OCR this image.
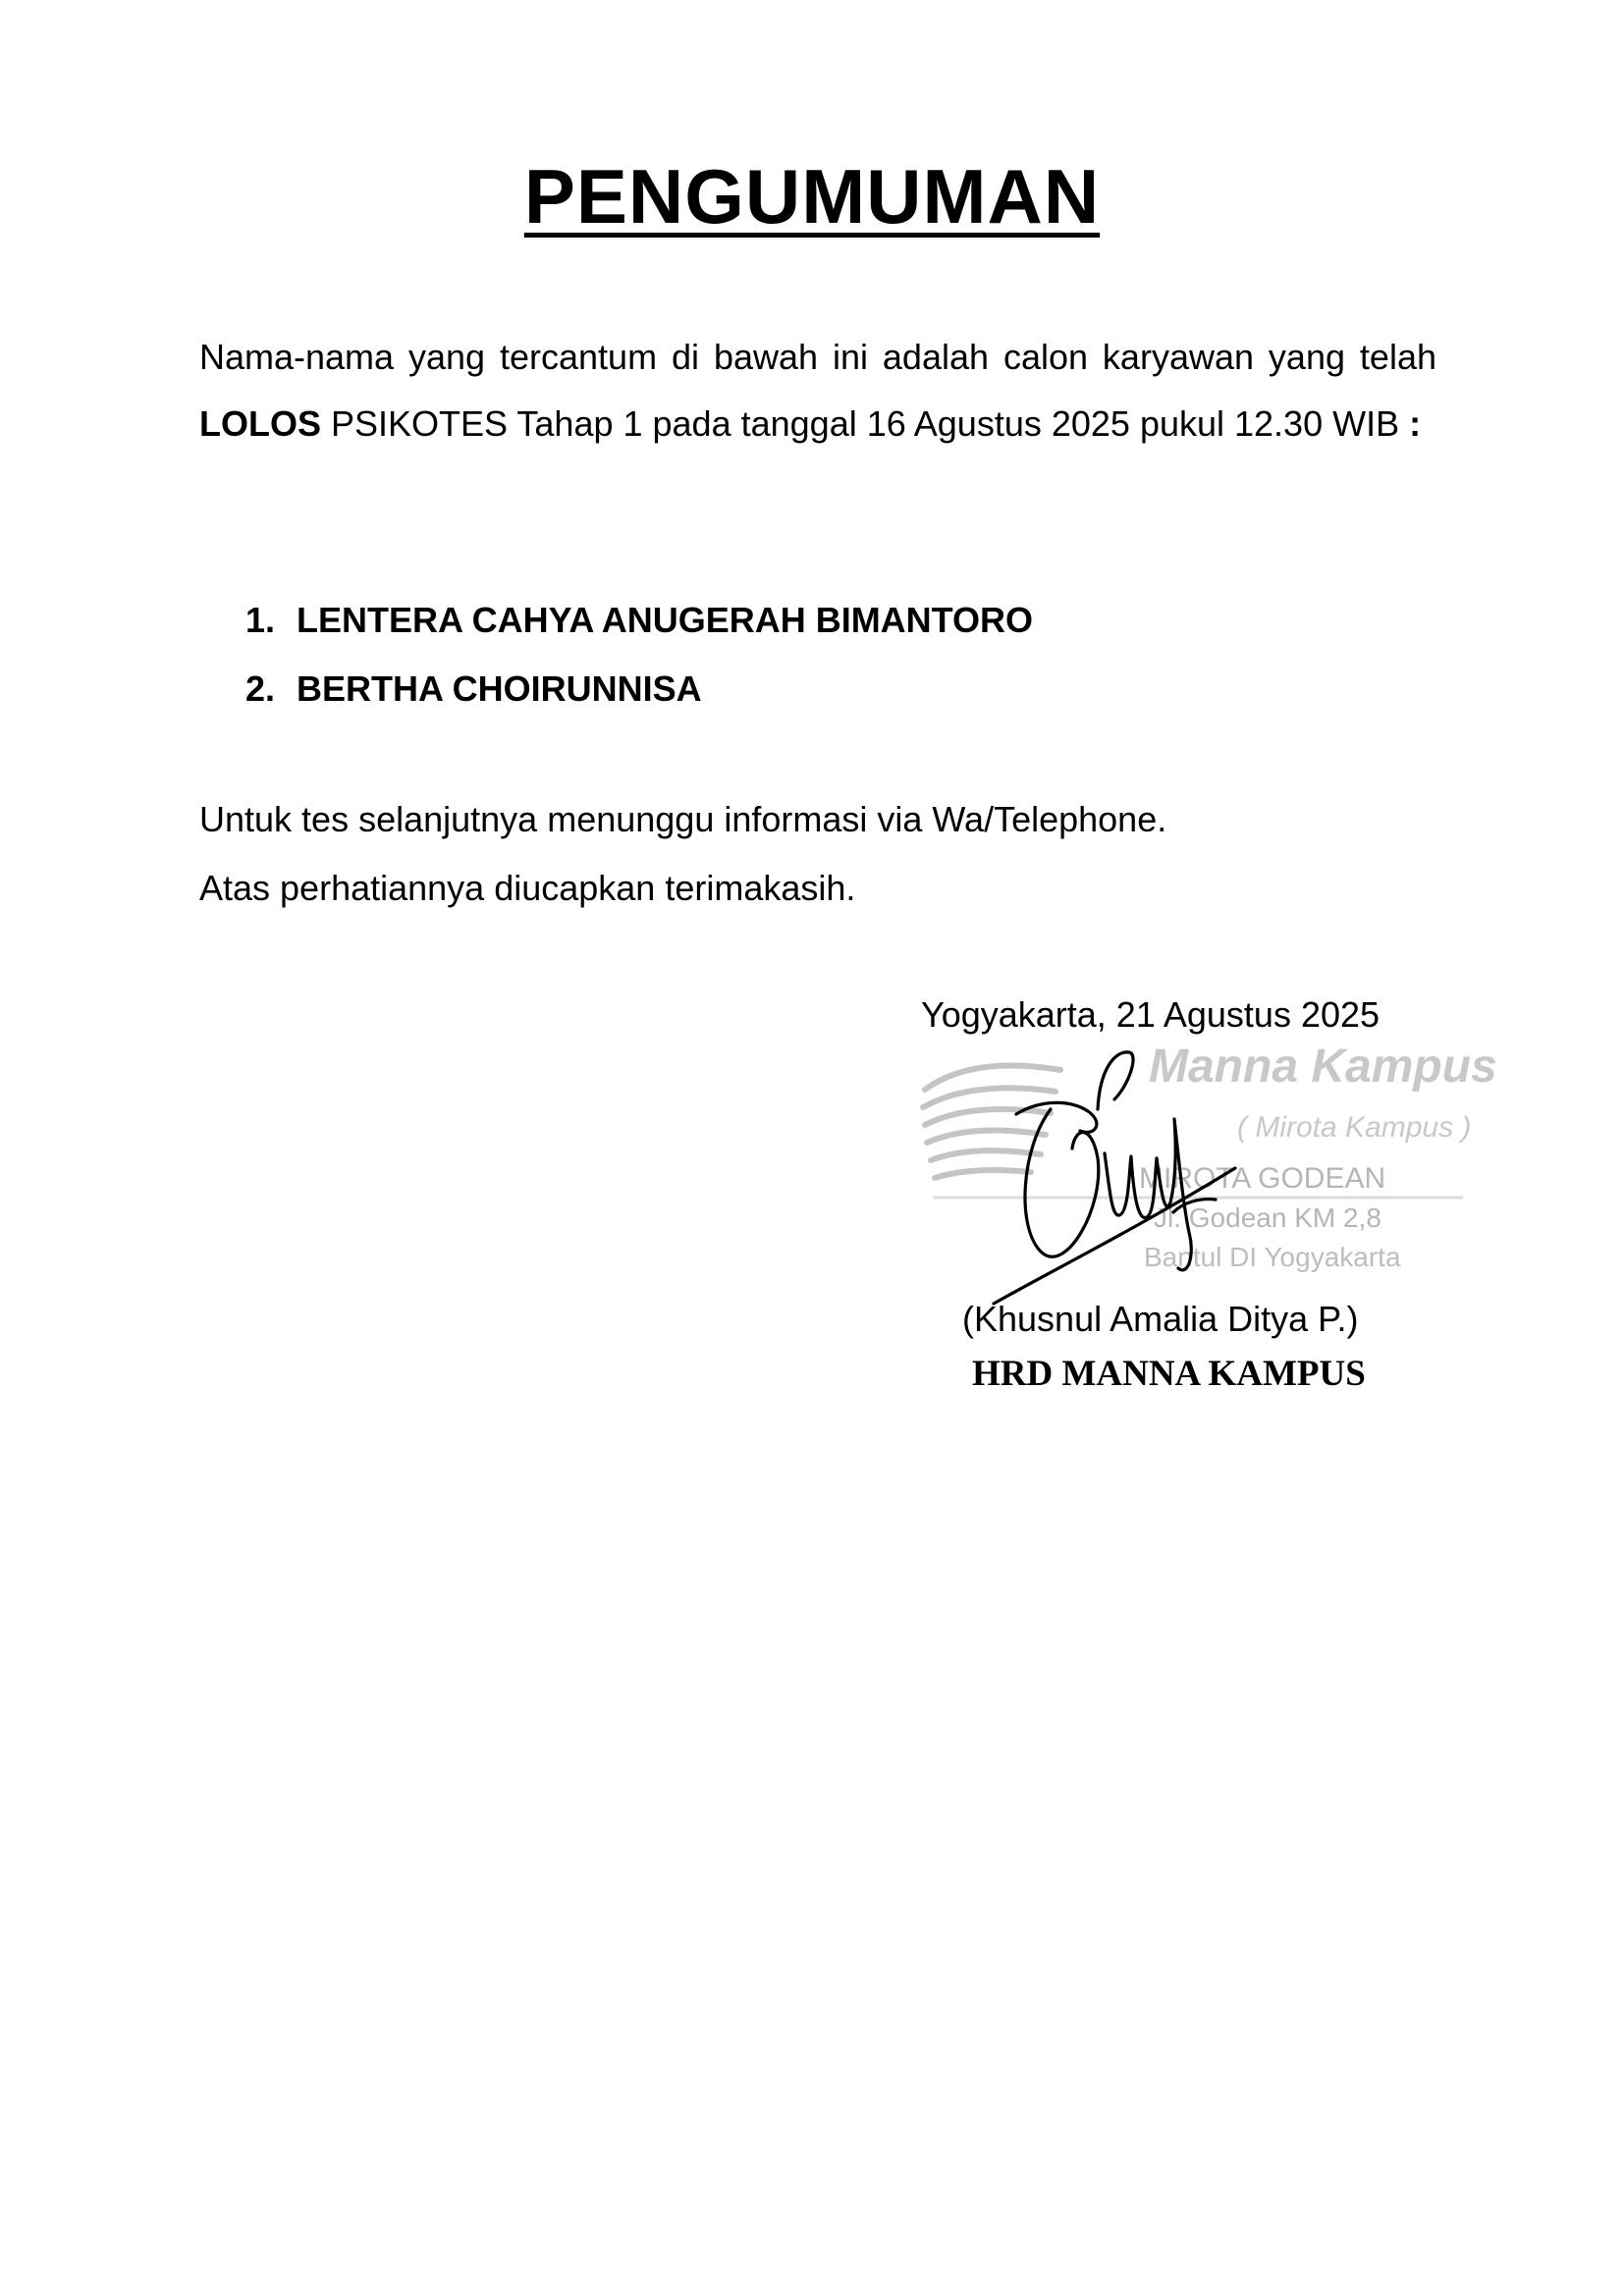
PENGUMUMAN
Nama-nama yang tercantum di bawah ini adalah calon karyawan yang telah LOLOS PSIKOTES Tahap 1 pada tanggal 16 Agustus 2025 pukul 12.30 WIB :
1. LENTERA CAHYA ANUGERAH BIMANTORO
2. BERTHA CHOIRUNNISA

Untuk tes selanjutnya menunggu informasi via Wa/Telephone.

Atas perhatiannya diucapkan terimakasih.

Yogyakarta, 21 Agustus 2025
Manna Kampus
( Mirota Kampus )
MIROTA GODEAN
Jl. Godean KM 2,8
Bantul DI Yogyakarta
(Khusnul Amalia Ditya P.)
HRD MANNA KAMPUS
